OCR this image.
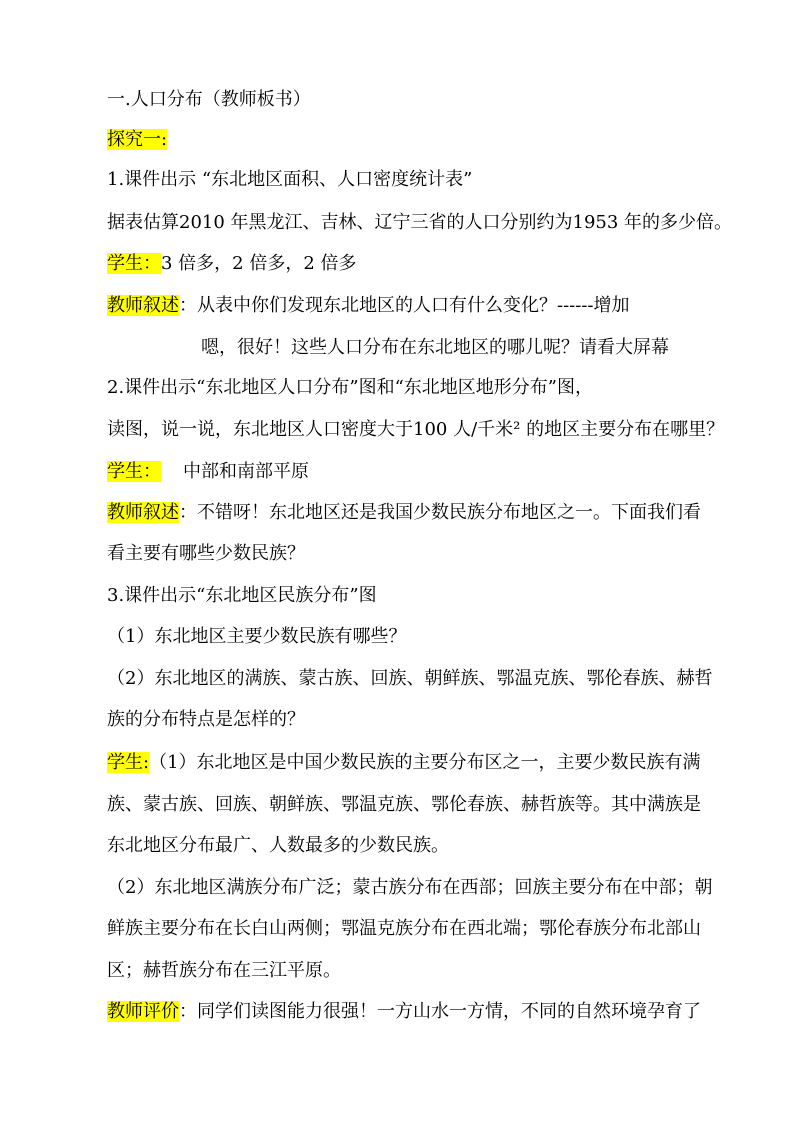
一.人口分布（教师板书）
探究一:
1.课件出示 “东北地区面积、人口密度统计表”
据表估算2010 年黑龙江、吉林、辽宁三省的人口分别约为1953 年的多少倍。
学生：3 倍多，2 倍多，2 倍多
教师叙述：从表中你们发现东北地区的人口有什么变化？------增加
嗯，很好！这些人口分布在东北地区的哪儿呢？请看大屏幕
2.课件出示“东北地区人口分布”图和“东北地区地形分布”图，
读图，说一说，东北地区人口密度大于100 人/千米² 的地区主要分布在哪里？
学生： 中部和南部平原
教师叙述：不错呀！东北地区还是我国少数民族分布地区之一。下面我们看
看主要有哪些少数民族？
3.课件出示“东北地区民族分布”图
（1）东北地区主要少数民族有哪些？
（2）东北地区的满族、蒙古族、回族、朝鲜族、鄂温克族、鄂伦春族、赫哲
族的分布特点是怎样的？
学生:（1）东北地区是中国少数民族的主要分布区之一，主要少数民族有满
族、蒙古族、回族、朝鲜族、鄂温克族、鄂伦春族、赫哲族等。其中满族是
东北地区分布最广、人数最多的少数民族。
（2）东北地区满族分布广泛；蒙古族分布在西部；回族主要分布在中部；朝
鲜族主要分布在长白山两侧；鄂温克族分布在西北端；鄂伦春族分布北部山
区；赫哲族分布在三江平原。
教师评价：同学们读图能力很强！一方山水一方情，不同的自然环境孕育了
